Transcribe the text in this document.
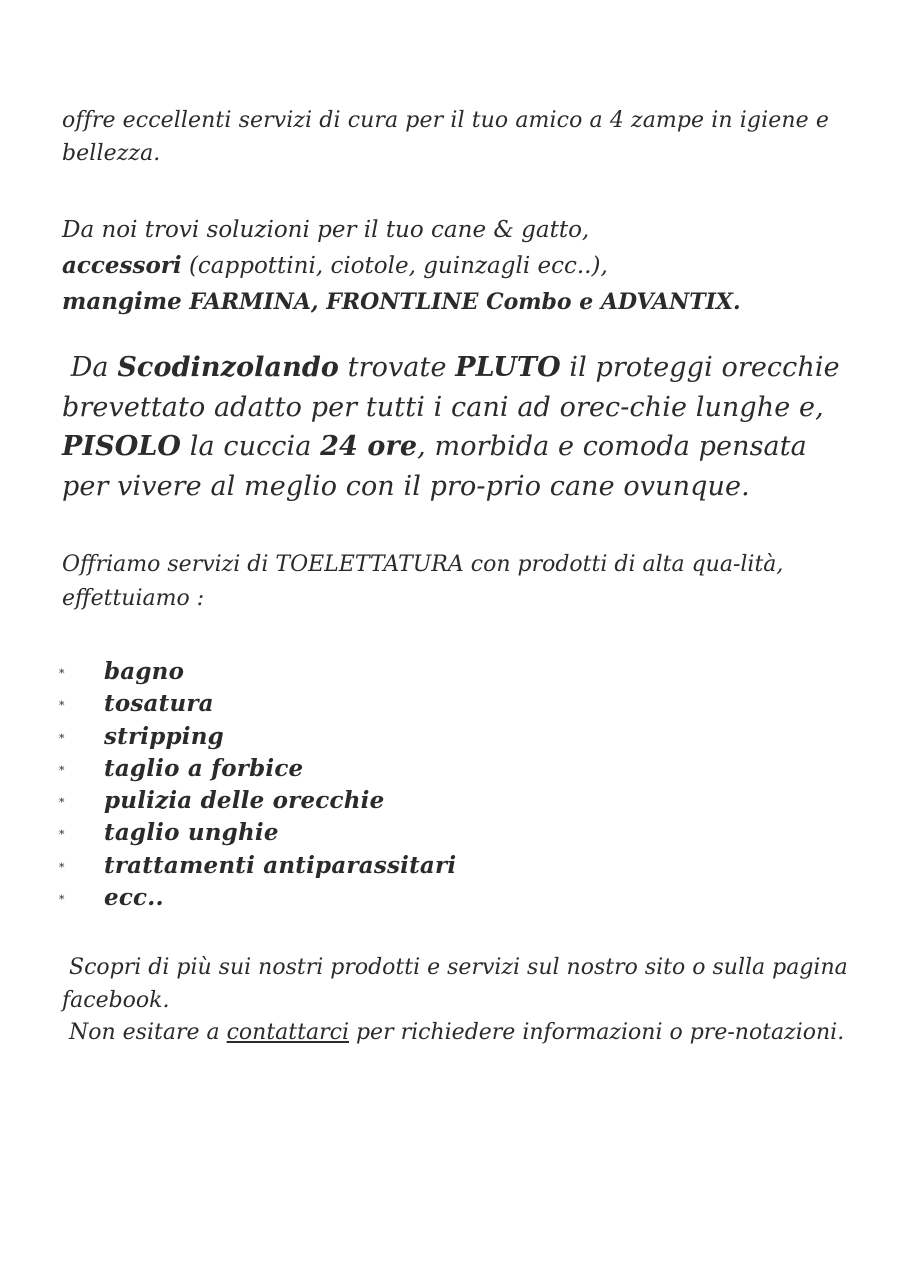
offre eccellenti servizi di cura per il tuo amico a 4 zampe in igiene e bellezza.

Da noi trovi soluzioni per il tuo cane & gatto,
accessori (cappottini, ciotole, guinzagli ecc..),
mangime FARMINA, FRONTLINE Combo e ADVANTIX.

Da Scodinzolando trovate PLUTO il proteggi orecchie brevettato adatto per tutti i cani ad orec-chie lunghe e, PISOLO la cuccia 24 ore, morbida e comoda pensata per vivere al meglio con il pro-prio cane ovunque.

Offriamo servizi di TOELETTATURA con prodotti di alta qua-lità, effettuiamo :

* bagno
* tosatura
* stripping
* taglio a forbice
* pulizia delle orecchie
* taglio unghie
* trattamenti antiparassitari
* ecc..

Scopri di più sui nostri prodotti e servizi sul nostro sito o sulla pagina facebook.
Non esitare a contattarci per richiedere informazioni o pre-notazioni.
